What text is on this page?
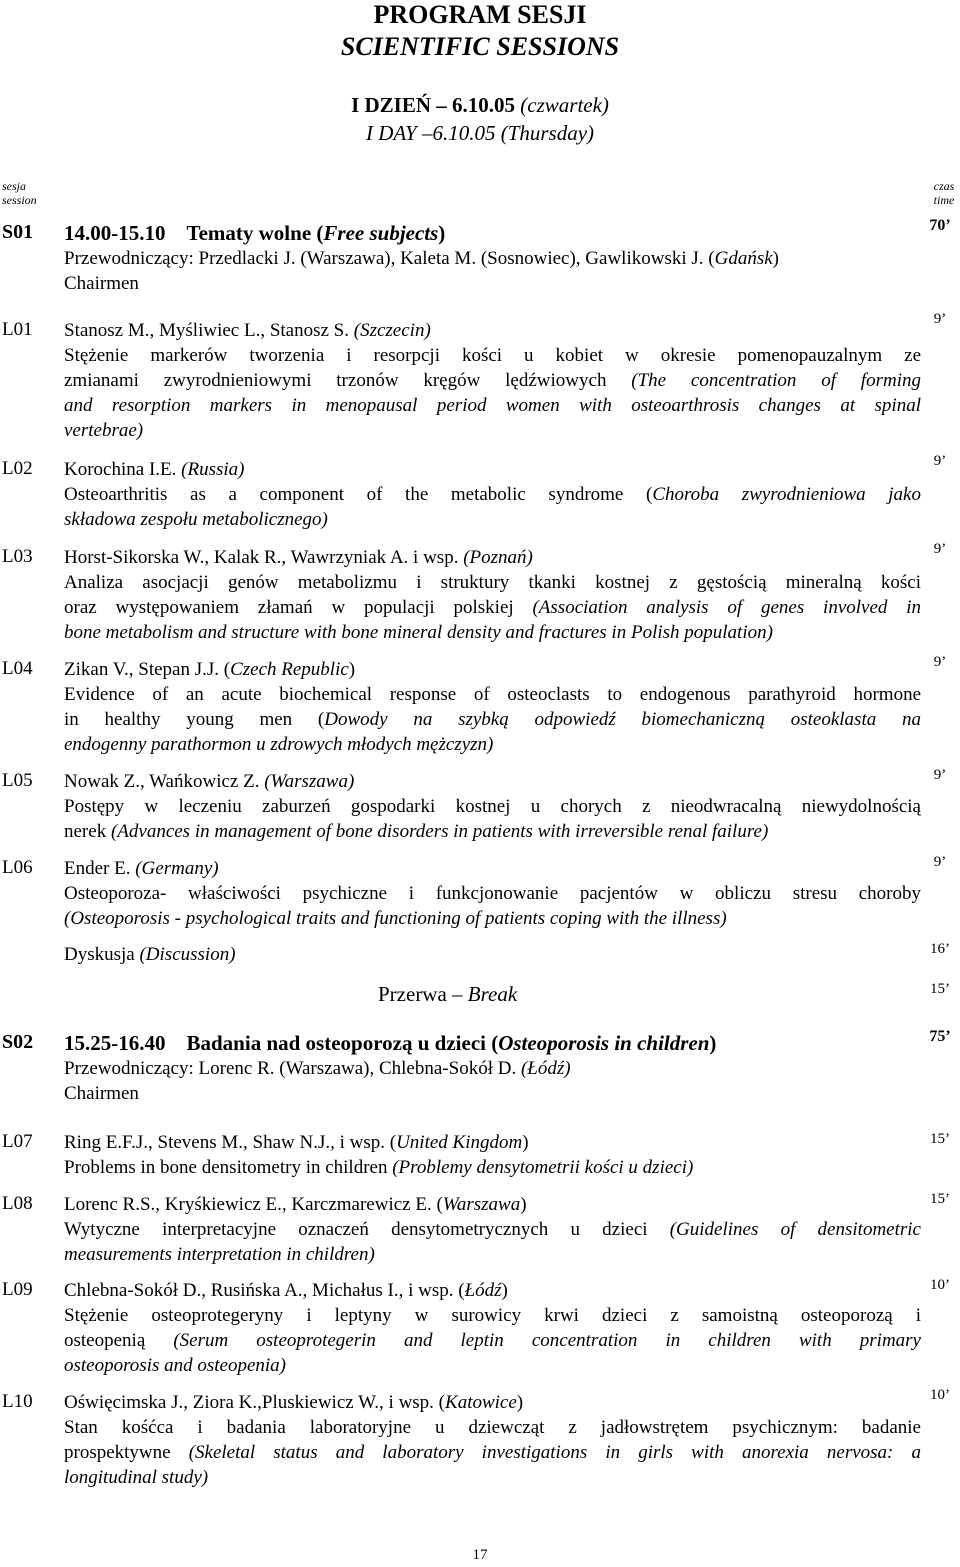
PROGRAM SESJI
SCIENTIFIC SESSIONS
I DZIEŃ – 6.10.05 (czwartek)
I DAY –6.10.05 (Thursday)
sesja
session
czas
time
S01	70’
14.00-15.10 Tematy wolne (Free subjects)
Przewodniczący: Przedlacki J. (Warszawa), Kaleta M. (Sosnowiec), Gawlikowski J. (Gdańsk)
Chairmen
L01	9’
Stanosz M., Myśliwiec L., Stanosz S. (Szczecin)
Stężenie markerów tworzenia i resorpcji kości u kobiet w okresie pomenopauzalnym ze
zmianami zwyrodnieniowymi trzonów kręgów lędźwiowych (The concentration of forming
and resorption markers in menopausal period women with osteoarthrosis changes at spinal
vertebrae)
L02	9’
Korochina I.E. (Russia)
Osteoarthritis as a component of the metabolic syndrome (Choroba zwyrodnieniowa jako
składowa zespołu metabolicznego)
L03	9’
Horst-Sikorska W., Kalak R., Wawrzyniak A. i wsp. (Poznań)
Analiza asocjacji genów metabolizmu i struktury tkanki kostnej z gęstością mineralną kości
oraz występowaniem złamań w populacji polskiej (Association analysis of genes involved in
bone metabolism and structure with bone mineral density and fractures in Polish population)
L04	9’
Zikan V., Stepan J.J. (Czech Republic)
Evidence of an acute biochemical response of osteoclasts to endogenous parathyroid hormone
in healthy young men (Dowody na szybką odpowiedź biomechaniczną osteoklasta na
endogenny parathormon u zdrowych młodych mężczyzn)
L05	9’
Nowak Z., Wańkowicz Z. (Warszawa)
Postępy w leczeniu zaburzeń gospodarki kostnej u chorych z nieodwracalną niewydolnością
nerek (Advances in management of bone disorders in patients with irreversible renal failure)
L06	9’
Ender E. (Germany)
Osteoporoza- właściwości psychiczne i funkcjonowanie pacjentów w obliczu stresu choroby
(Osteoporosis - psychological traits and functioning of patients coping with the illness)
Dyskusja (Discussion)	16’
Przerwa – Break	15’
S02	75’
15.25-16.40 Badania nad osteoporozą u dzieci (Osteoporosis in children)
Przewodniczący: Lorenc R. (Warszawa), Chlebna-Sokół D. (Łódź)
Chairmen
L07	15’
Ring E.F.J., Stevens M., Shaw N.J., i wsp. (United Kingdom)
Problems in bone densitometry in children (Problemy densytometrii kości u dzieci)
L08	15’
Lorenc R.S., Kryśkiewicz E., Karczmarewicz E. (Warszawa)
Wytyczne interpretacyjne oznaczeń densytometrycznych u dzieci (Guidelines of densitometric
measurements interpretation in children)
L09	10’
Chlebna-Sokół D., Rusińska A., Michałus I., i wsp. (Łódź)
Stężenie osteoprotegeryny i leptyny w surowicy krwi dzieci z samoistną osteoporozą i
osteopenią (Serum osteoprotegerin and leptin concentration in children with primary
osteoporosis and osteopenia)
L10	10’
Oświęcimska J., Ziora K.,Pluskiewicz W., i wsp. (Katowice)
Stan kośćca i badania laboratoryjne u dziewcząt z jadłowstrętem psychicznym: badanie
prospektywne (Skeletal status and laboratory investigations in girls with anorexia nervosa: a
longitudinal study)
17
